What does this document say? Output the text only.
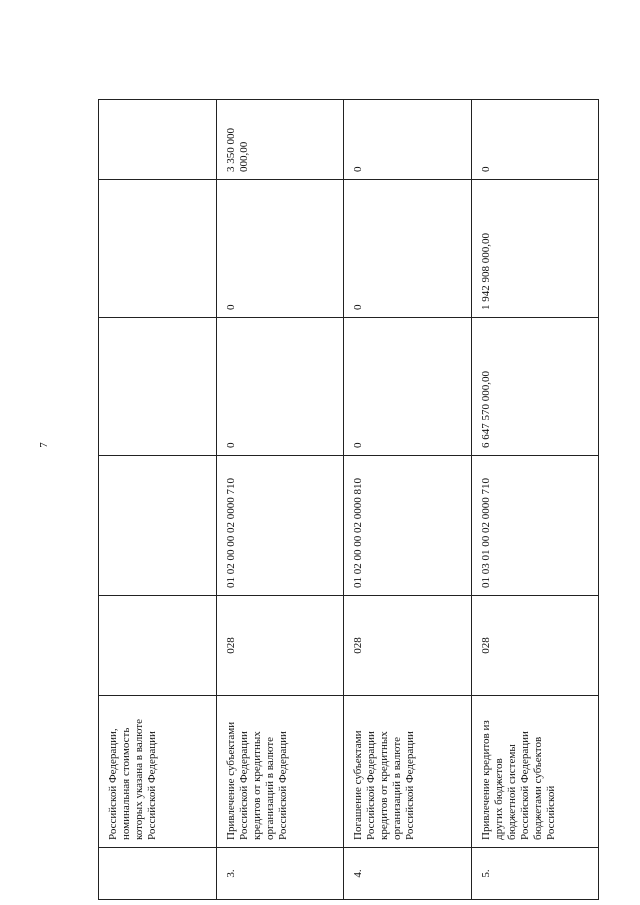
7
	Российской Федерации, номинальная стоимость которых указана в валюте Российской Федерации					
3.	Привлечение субъектами Российской Федерации кредитов от кредитных организаций в валюте Российской Федерации	028	01 02 00 00 02 0000 710	0	0	3 350 000 000,00
4.	Погашение субъектами Российской Федерации кредитов от кредитных организаций в валюте Российской Федерации	028	01 02 00 00 02 0000 810	0	0	0
5.	Привлечение кредитов из других бюджетов бюджетной системы Российской Федерации бюджетами субъектов Российской	028	01 03 01 00 02 0000 710	6 647 570 000,00	1 942 908 000,00	0
